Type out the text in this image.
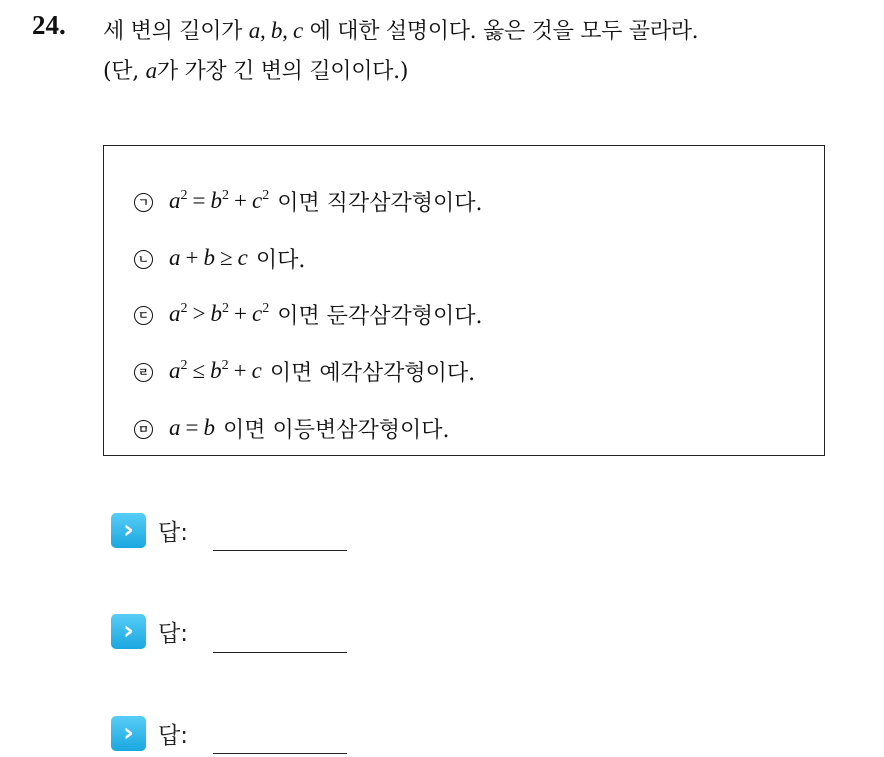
24. 세 변의 길이가 a, b, c 에 대한 설명이다. 옳은 것을 모두 골라라.
(단, a가 가장 긴 변의 길이이다.)
ㄱ $a^2 = b^2 + c^2$ 이면 직각삼각형이다.
ㄴ a + b ≥ c 이다.
ㄷ $a^2 > b^2 + c^2$ 이면 둔각삼각형이다.
ㄹ $a^2 \le b^2 + c$ 이면 예각삼각형이다.
ㅁ a = b 이면 이등변삼각형이다.
›	답:
›	답:
›	답:
